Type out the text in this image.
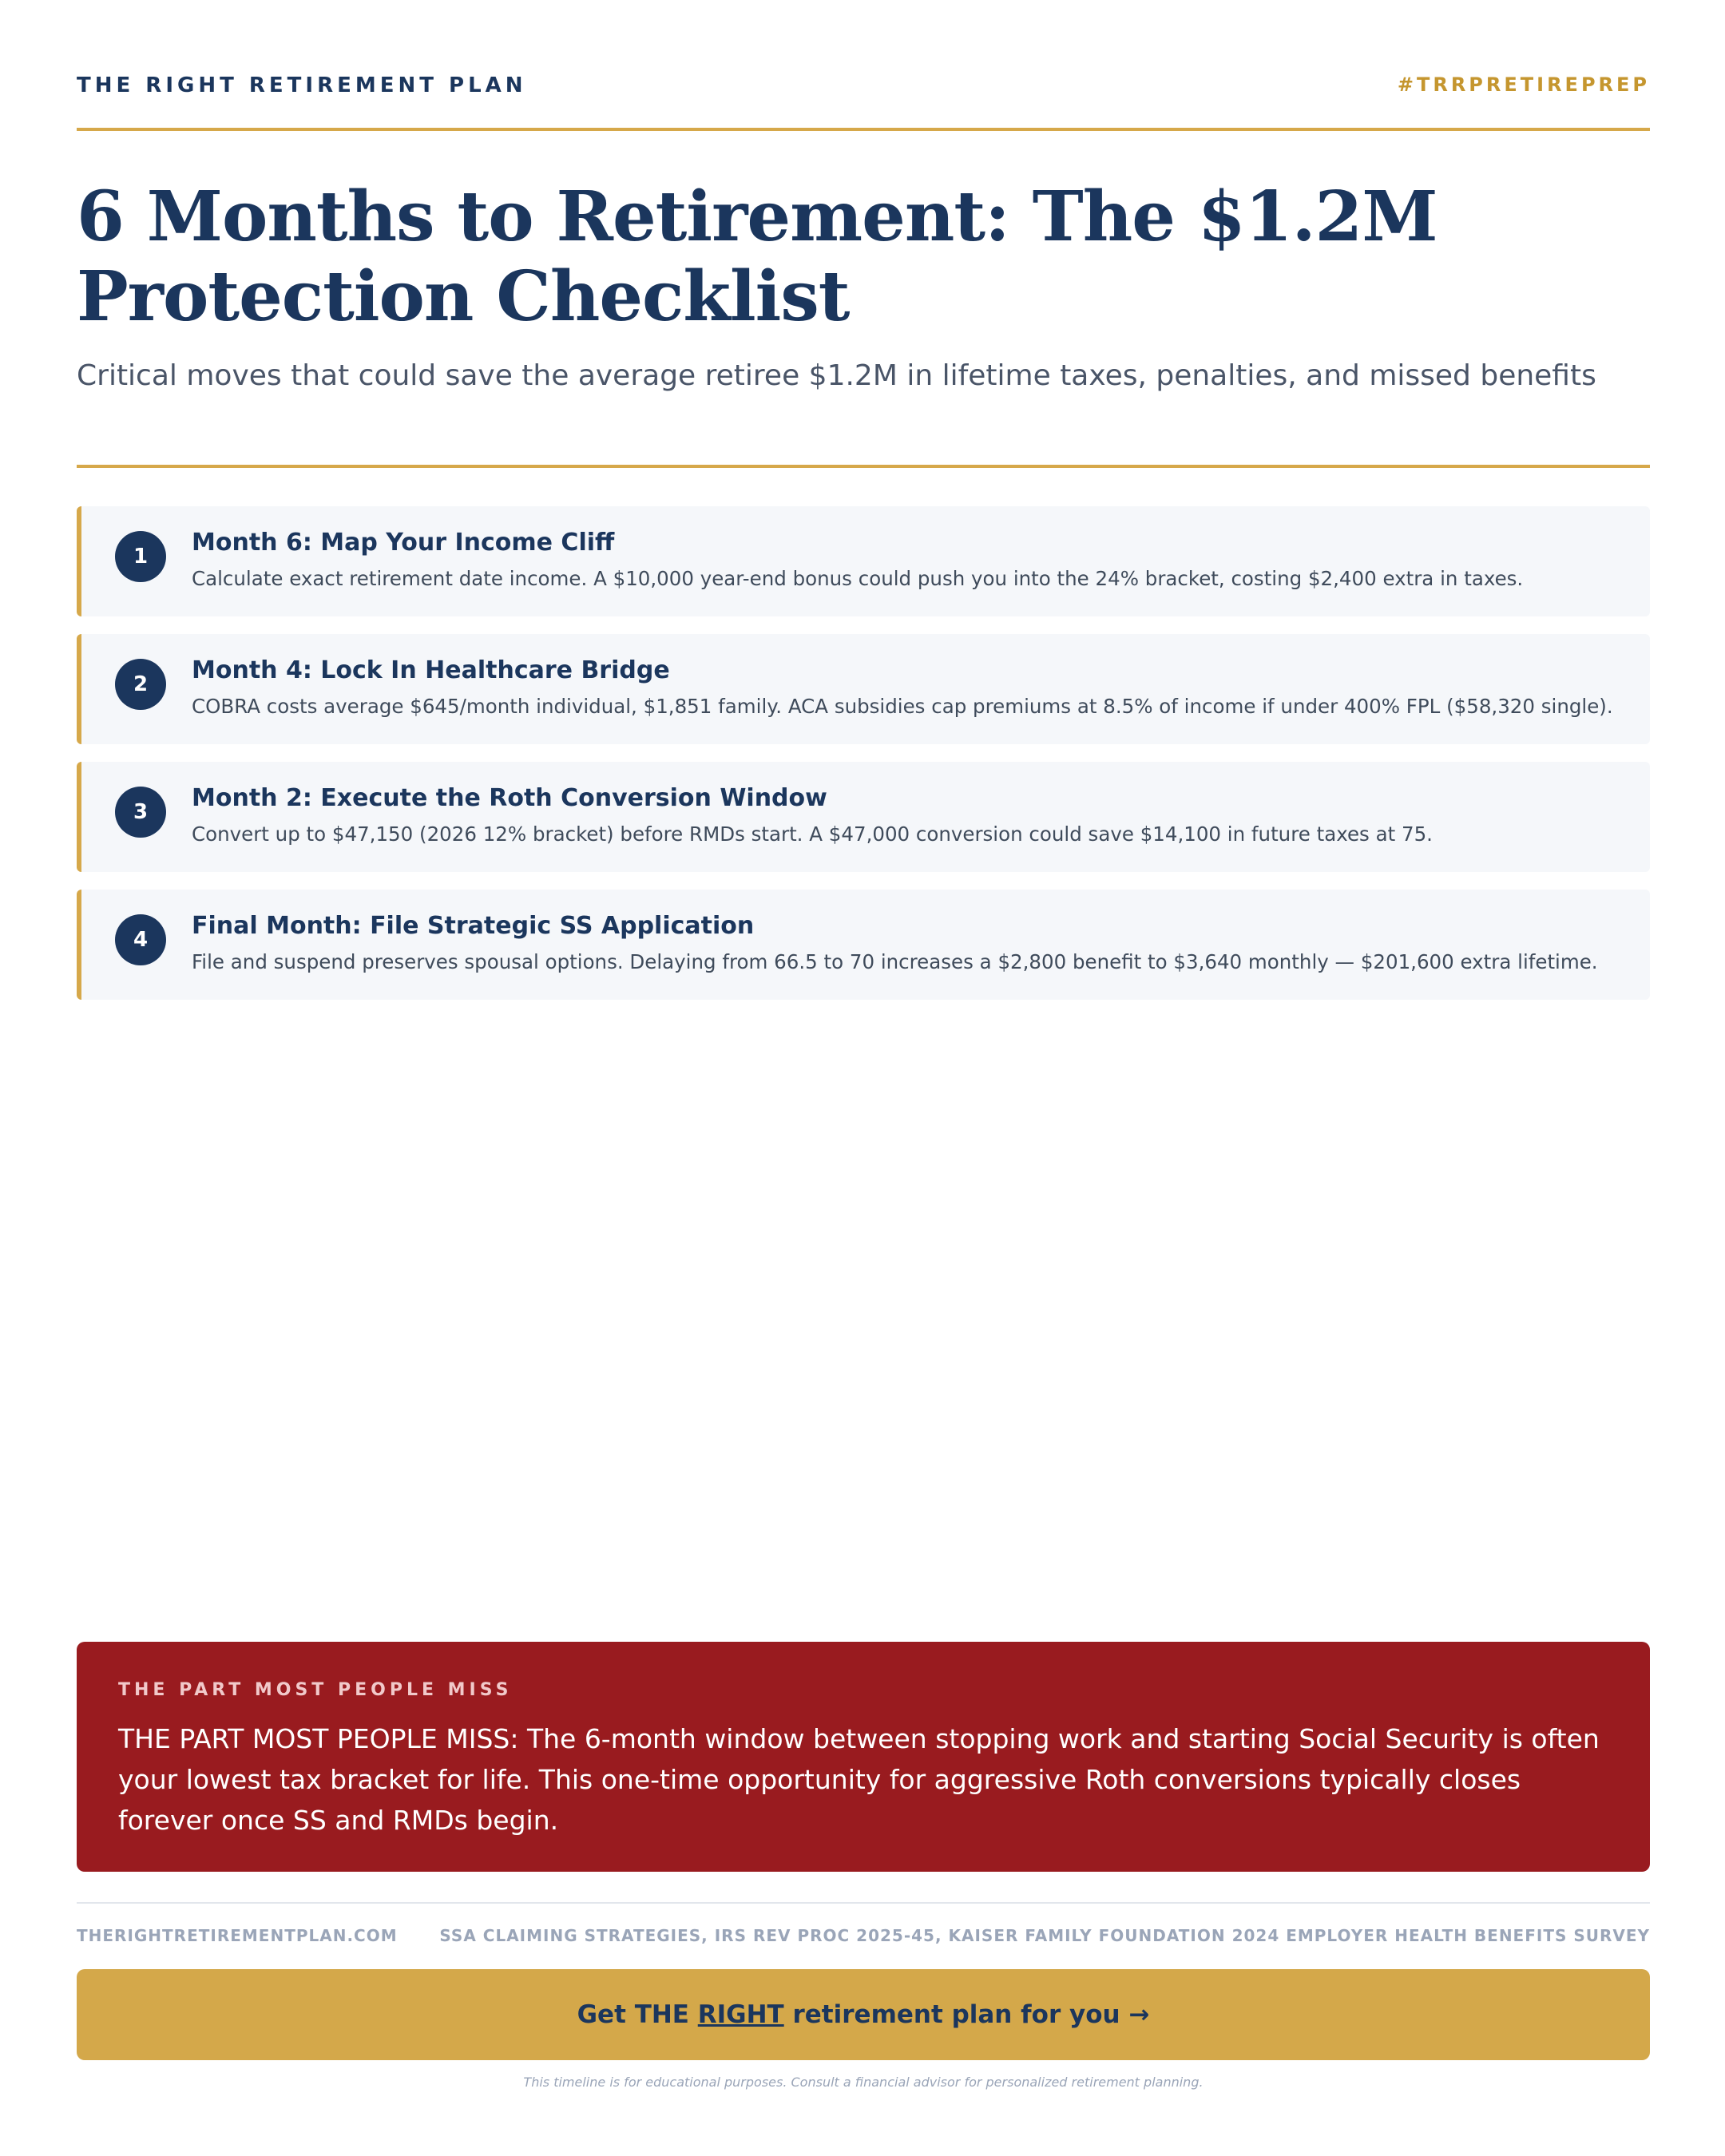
THE RIGHT RETIREMENT PLAN	#TRRPRETIREPREP
6 Months to Retirement: The $1.2M Protection Checklist

Critical moves that could save the average retiree $1.2M in lifetime taxes, penalties, and missed benefits

1	Month 6: Map Your Income Cliff
Calculate exact retirement date income. A $10,000 year-end bonus could push you into the 24% bracket, costing $2,400 extra in taxes.
2	Month 4: Lock In Healthcare Bridge
COBRA costs average $645/month individual, $1,851 family. ACA subsidies cap premiums at 8.5% of income if under 400% FPL ($58,320 single).
3	Month 2: Execute the Roth Conversion Window
Convert up to $47,150 (2026 12% bracket) before RMDs start. A $47,000 conversion could save $14,100 in future taxes at 75.
4	Final Month: File Strategic SS Application
File and suspend preserves spousal options. Delaying from 66.5 to 70 increases a $2,800 benefit to $3,640 monthly — $201,600 extra lifetime.
THE PART MOST PEOPLE MISS
THE PART MOST PEOPLE MISS: The 6-month window between stopping work and starting Social Security is often your lowest tax bracket for life. This one-time opportunity for aggressive Roth conversions typically closes forever once SS and RMDs begin.
THERIGHTRETIREMENTPLAN.COM	SSA CLAIMING STRATEGIES, IRS REV PROC 2025-45, KAISER FAMILY FOUNDATION 2024 EMPLOYER HEALTH BENEFITS SURVEY
Get THE RIGHT retirement plan for you →
This timeline is for educational purposes. Consult a financial advisor for personalized retirement planning.
